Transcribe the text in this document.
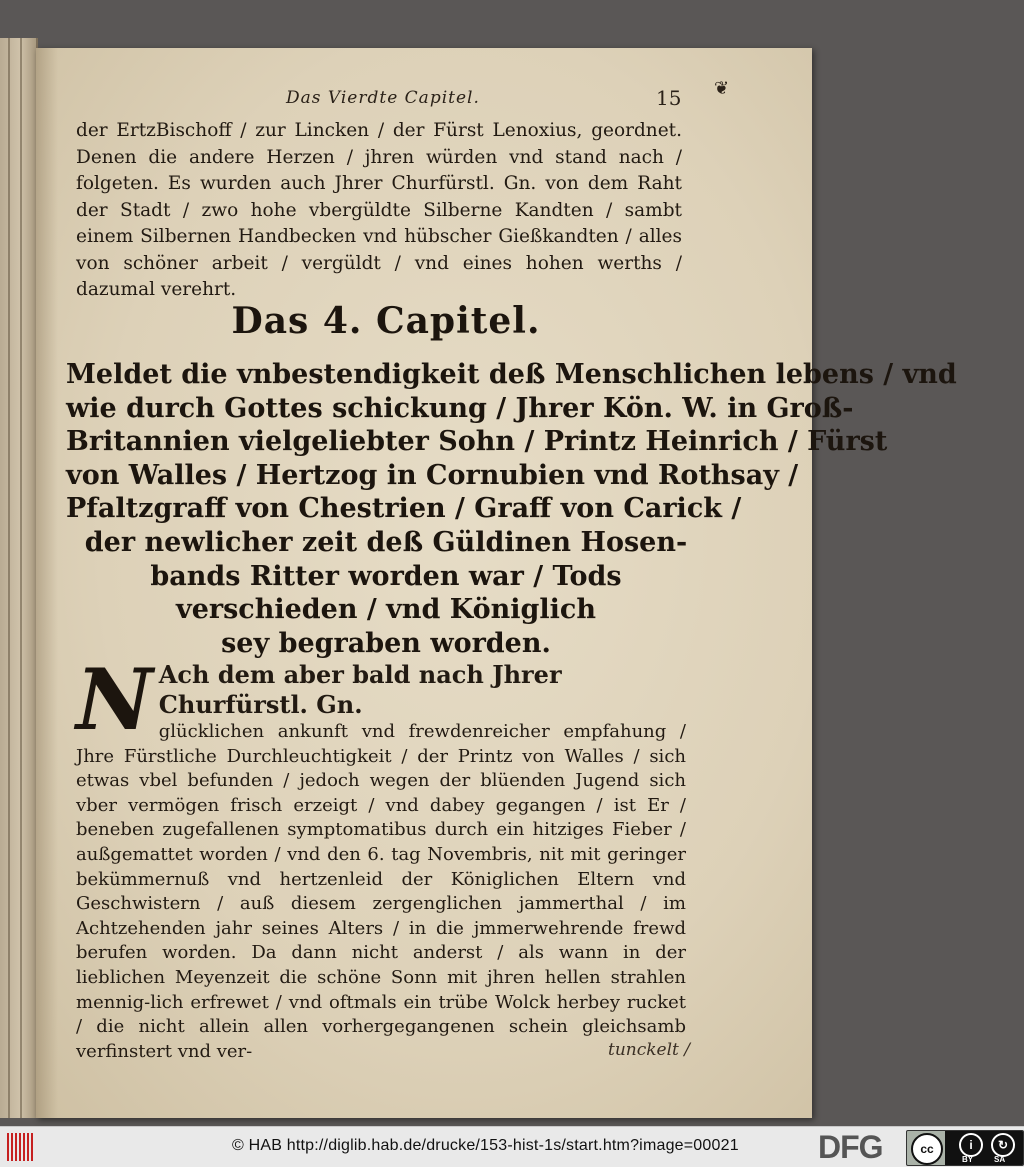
Das Vierdte Capitel.	15 ❦

der ErtzBischoff / zur Lincken / der Fürst Lenoxius, geordnet. Denen die andere Herzen / jhren würden vnd stand nach / folgeten. Es wurden auch Jhrer Churfürstl. Gn. von dem Raht der Stadt / zwo hohe vbergüldte Silberne Kandten / sambt einem Silbernen Handbecken vnd hübscher Gießkandten / alles von schöner arbeit / vergüldt / vnd eines hohen werths / dazumal verehrt.

Das 4. Capitel.

Meldet die vnbestendigkeit deß Menschlichen lebens / vnd
wie durch Gottes schickung / Jhrer Kön. W. in Groß-
Britannien vielgeliebter Sohn / Printz Heinrich / Fürst
von Walles / Hertzog in Cornubien vnd Rothsay /
Pfaltzgraff von Chestrien / Graff von Carick /
der newlicher zeit deß Güldinen Hosen-
bands Ritter worden war / Tods
verschieden / vnd Königlich
sey begraben worden.

N Ach dem aber bald nach Jhrer Churfürstl. Gn.
glücklichen ankunft vnd frewdenreicher empfahung / Jhre Fürstliche Durchleuchtigkeit / der Printz von Walles / sich etwas vbel befunden / jedoch wegen der blüenden Jugend sich vber vermögen frisch erzeigt / vnd dabey gegangen / ist Er / beneben zugefallenen symptomatibus durch ein hitziges Fieber / außgemattet worden / vnd den 6. tag Novembris, nit mit geringer bekümmernuß vnd hertzenleid der Königlichen Eltern vnd Geschwistern / auß diesem zergenglichen jammerthal / im Achtzehenden jahr seines Alters / in die jmmerwehrende frewd berufen worden. Da dann nicht anderst / als wann in der lieblichen Meyenzeit die schöne Sonn mit jhren hellen strahlen mennig-lich erfrewet / vnd oftmals ein trübe Wolck herbey rucket / die nicht allein allen vorhergegangenen schein gleichsamb verfinstert vnd ver-	tunckelt /
© HAB http://diglib.hab.de/drucke/153-hist-1s/start.htm?image=00021 DFG	cc	i	↻
BY	SA
